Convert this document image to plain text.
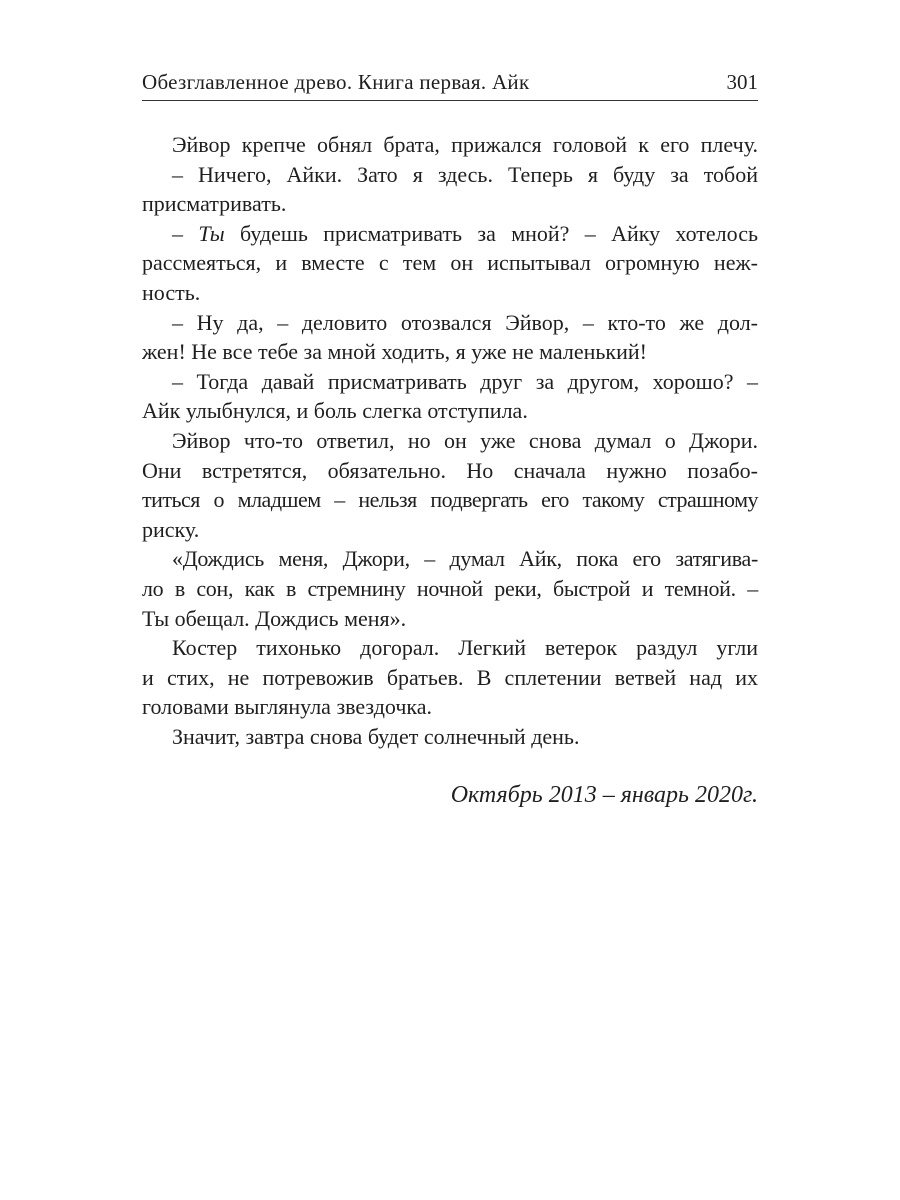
Обезглавленное древо. Книга первая. Айк	301
Эйвор крепче обнял брата, прижался головой к его плечу.
– Ничего, Айки. Зато я здесь. Теперь я буду за тобой
присматривать.
– Ты будешь присматривать за мной? – Айку хотелось
рассмеяться, и вместе с тем он испытывал огромную неж-
ность.
– Ну да, – деловито отозвался Эйвор, – кто-то же дол-
жен! Не все тебе за мной ходить, я уже не маленький!
– Тогда давай присматривать друг за другом, хорошо? –
Айк улыбнулся, и боль слегка отступила.
Эйвор что-то ответил, но он уже снова думал о Джори.
Они встретятся, обязательно. Но сначала нужно позабо-
титься о младшем – нельзя подвергать его такому страшному
риску.
«Дождись меня, Джори, – думал Айк, пока его затягива-
ло в сон, как в стремнину ночной реки, быстрой и темной. –
Ты обещал. Дождись меня».
Костер тихонько догорал. Легкий ветерок раздул угли
и стих, не потревожив братьев. В сплетении ветвей над их
головами выглянула звездочка.
Значит, завтра снова будет солнечный день.
Октябрь 2013 – январь 2020г.
